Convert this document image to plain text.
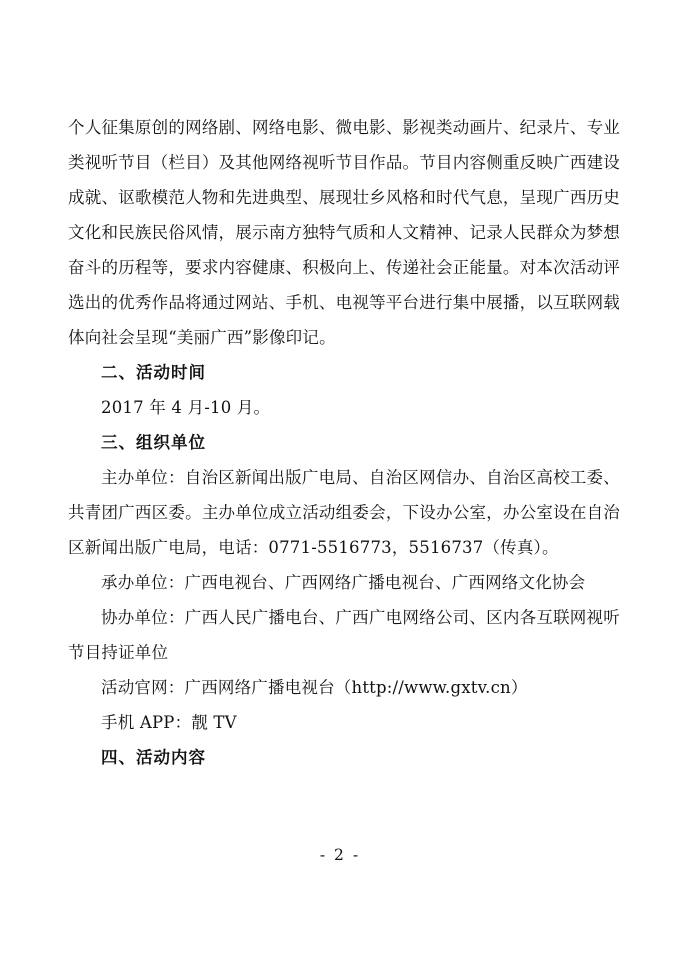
个人征集原创的网络剧、网络电影、微电影、影视类动画片、纪录片、专业类视听节目（栏目）及其他网络视听节目作品。节目内容侧重反映广西建设成就、讴歌模范人物和先进典型、展现壮乡风格和时代气息，呈现广西历史文化和民族民俗风情，展示南方独特气质和人文精神、记录人民群众为梦想奋斗的历程等，要求内容健康、积极向上、传递社会正能量。对本次活动评选出的优秀作品将通过网站、手机、电视等平台进行集中展播，以互联网载体向社会呈现“美丽广西”影像印记。

二、活动时间

2017 年 4 月-10 月。

三、组织单位

主办单位：自治区新闻出版广电局、自治区网信办、自治区高校工委、共青团广西区委。主办单位成立活动组委会，下设办公室，办公室设在自治区新闻出版广电局，电话：0771-5516773，5516737（传真）。

承办单位：广西电视台、广西网络广播电视台、广西网络文化协会

协办单位：广西人民广播电台、广西广电网络公司、区内各互联网视听节目持证单位

活动官网：广西网络广播电视台（http://www.gxtv.cn）

手机 APP：靓 TV

四、活动内容

- 2 -
